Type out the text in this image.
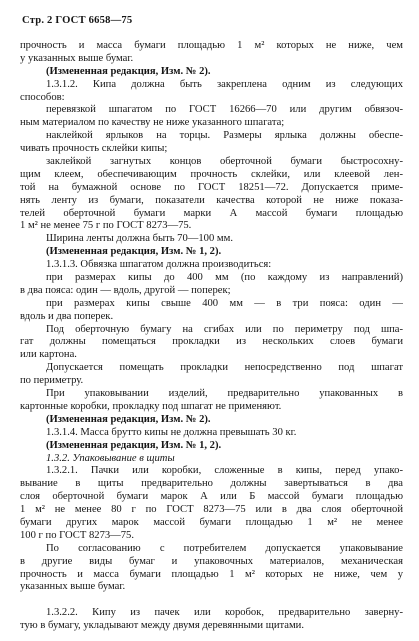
Стр. 2 ГОСТ 6658—75
прочность и масса бумаги площадью 1 м² которых не ниже, чем
у указанных выше бумаг.
(Измененная редакция, Изм. № 2).
1.3.1.2. Кипа должна быть закреплена одним из следующих
способов:
перевязкой шпагатом по ГОСТ 16266—70 или другим обвязоч-
ным материалом по качеству не ниже указанного шпагата;
наклейкой ярлыков на торцы. Размеры ярлыка должны обеспе-
чивать прочность склейки кипы;
заклейкой загнутых концов оберточной бумаги быстросохну-
щим клеем, обеспечивающим прочность склейки, или клеевой лен-
той на бумажной основе по ГОСТ 18251—72. Допускается приме-
нять ленту из бумаги, показатели качества которой не ниже показа-
телей оберточной бумаги марки А массой бумаги площадью
1 м² не менее 75 г по ГОСТ 8273—75.
Ширина ленты должна быть 70—100 мм.
(Измененная редакция, Изм. № 1, 2).
1.3.1.3. Обвязка шпагатом должна производиться:
при размерах кипы до 400 мм (по каждому из направлений)
в два пояса: один — вдоль, другой — поперек;
при размерах кипы свыше 400 мм — в три пояса: один —
вдоль и два поперек.
Под оберточную бумагу на сгибах или по периметру под шпа-
гат должны помещаться прокладки из нескольких слоев бумаги
или картона.
Допускается помещать прокладки непосредственно под шпагат
по периметру.
При упаковывании изделий, предварительно упакованных в
картонные коробки, прокладку под шпагат не применяют.
(Измененная редакция, Изм. № 2).
1.3.1.4. Масса брутто кипы не должна превышать 30 кг.
(Измененная редакция, Изм. № 1, 2).
1.3.2. Упаковывание в щиты
1.3.2.1. Пачки или коробки, сложенные в кипы, перед упако-
вывание в щиты предварительно должны завертываться в два
слоя оберточной бумаги марок А или Б массой бумаги площадью
1 м² не менее 80 г по ГОСТ 8273—75 или в два слоя оберточной
бумаги других марок массой бумаги площадью 1 м² не менее
100 г по ГОСТ 8273—75.
По согласованию с потребителем допускается упаковывание
в другие виды бумаг и упаковочных материалов, механическая
прочность и масса бумаги площадью 1 м² которых не ниже, чем у
указанных выше бумаг.
1.3.2.2. Кипу из пачек или коробок, предварительно заверну-
тую в бумагу, укладывают между двумя деревянными щитами.
